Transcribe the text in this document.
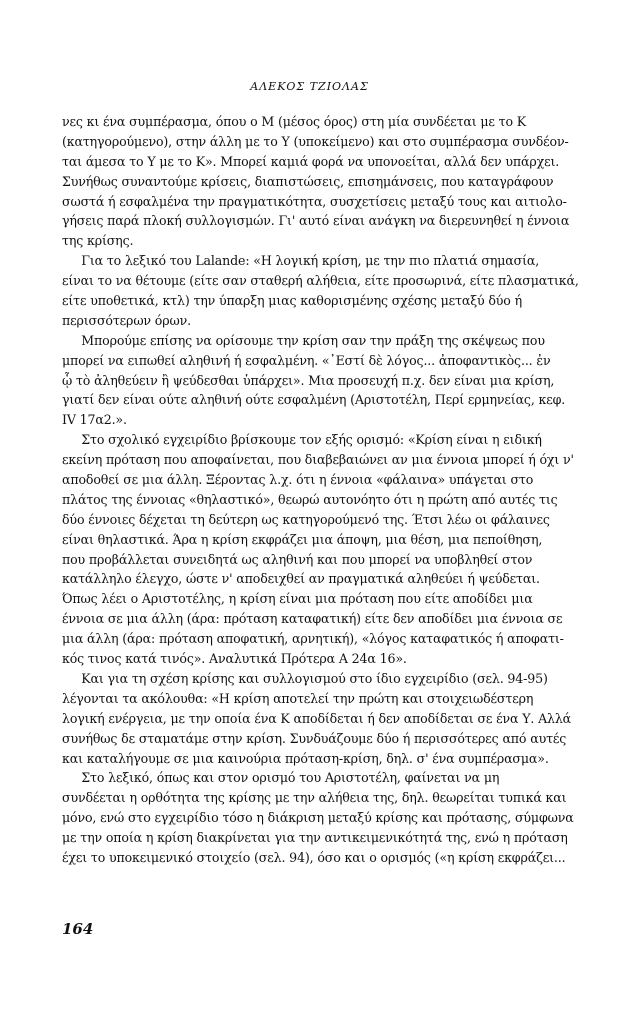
ΑΛΕΚΟΣ ΤΖΙΟΛΑΣ
νες κι ένα συμπέρασμα, όπου ο Μ (μέσος όρος) στη μία συνδέεται με το Κ
(κατηγορούμενο), στην άλλη με το Υ (υποκείμενο) και στο συμπέρασμα συνδέον-
ται άμεσα το Υ με το Κ». Μπορεί καμιά φορά να υπονοείται, αλλά δεν υπάρχει.
Συνήθως συναντούμε κρίσεις, διαπιστώσεις, επισημάνσεις, που καταγράφουν
σωστά ή εσφαλμένα την πραγματικότητα, συσχετίσεις μεταξύ τους και αιτιολο-
γήσεις παρά πλοκή συλλογισμών. Γι' αυτό είναι ανάγκη να διερευνηθεί η έννοια
της κρίσης.
Για το λεξικό του Lalande: «Η λογική κρίση, με την πιο πλατιά σημασία,
είναι το να θέτουμε (είτε σαν σταθερή αλήθεια, είτε προσωρινά, είτε πλασματικά,
είτε υποθετικά, κτλ) την ύπαρξη μιας καθορισμένης σχέσης μεταξύ δύο ή
περισσότερων όρων.
Μπορούμε επίσης να ορίσουμε την κρίση σαν την πράξη της σκέψεως που
μπορεί να ειπωθεί αληθινή ή εσφαλμένη. «᾿Εστί δὲ λόγος... ἀποφαντικὸς... ἐν
ᾧ τὸ ἀληθεύειν ἢ ψεύδεσθαι ὑπάρχει». Μια προσευχή π.χ. δεν είναι μια κρίση,
γιατί δεν είναι ούτε αληθινή ούτε εσφαλμένη (Αριστοτέλη, Περί ερμηνείας, κεφ.
IV 17α2.».
Στο σχολικό εγχειρίδιο βρίσκουμε τον εξής ορισμό: «Κρίση είναι η ειδική
εκείνη πρόταση που αποφαίνεται, που διαβεβαιώνει αν μια έννοια μπορεί ή όχι ν'
αποδοθεί σε μια άλλη. Ξέροντας λ.χ. ότι η έννοια «φάλαινα» υπάγεται στο
πλάτος της έννοιας «θηλαστικό», θεωρώ αυτονόητο ότι η πρώτη από αυτές τις
δύο έννοιες δέχεται τη δεύτερη ως κατηγορούμενό της. Έτσι λέω οι φάλαινες
είναι θηλαστικά. Άρα η κρίση εκφράζει μια άποψη, μια θέση, μια πεποίθηση,
που προβάλλεται συνειδητά ως αληθινή και που μπορεί να υποβληθεί στον
κατάλληλο έλεγχο, ώστε ν' αποδειχθεί αν πραγματικά αληθεύει ή ψεύδεται.
Όπως λέει ο Αριστοτέλης, η κρίση είναι μια πρόταση που είτε αποδίδει μια
έννοια σε μια άλλη (άρα: πρόταση καταφατική) είτε δεν αποδίδει μια έννοια σε
μια άλλη (άρα: πρόταση αποφατική, αρνητική), «λόγος καταφατικός ή αποφατι-
κός τινος κατά τινός». Αναλυτικά Πρότερα Α 24α 16».
Και για τη σχέση κρίσης και συλλογισμού στο ίδιο εγχειρίδιο (σελ. 94-95)
λέγονται τα ακόλουθα: «Η κρίση αποτελεί την πρώτη και στοιχειωδέστερη
λογική ενέργεια, με την οποία ένα Κ αποδίδεται ή δεν αποδίδεται σε ένα Υ. Αλλά
συνήθως δε σταματάμε στην κρίση. Συνδυάζουμε δύο ή περισσότερες από αυτές
και καταλήγουμε σε μια καινούρια πρόταση-κρίση, δηλ. σ' ένα συμπέρασμα».
Στο λεξικό, όπως και στον ορισμό του Αριστοτέλη, φαίνεται να μη
συνδέεται η ορθότητα της κρίσης με την αλήθεια της, δηλ. θεωρείται τυπικά και
μόνο, ενώ στο εγχειρίδιο τόσο η διάκριση μεταξύ κρίσης και πρότασης, σύμφωνα
με την οποία η κρίση διακρίνεται για την αντικειμενικότητά της, ενώ η πρόταση
έχει το υποκειμενικό στοιχείο (σελ. 94), όσο και ο ορισμός («η κρίση εκφράζει...
164
